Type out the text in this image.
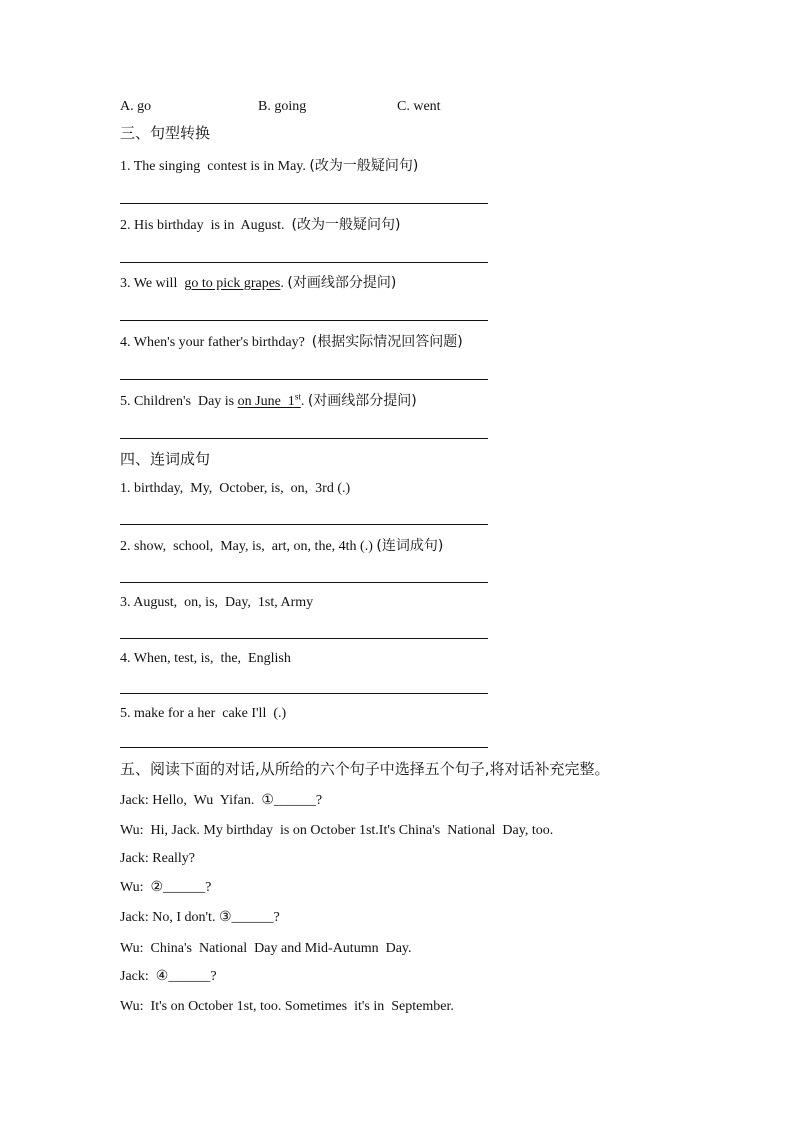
A. go	B. going	C. went
三、句型转换
1. The singing  contest is in May. (改为一般疑问句)
2. His birthday  is in  August.  (改为一般疑问句)
3. We will  go to pick grapes. (对画线部分提问)
4. When's your father's birthday?  (根据实际情况回答问题)
5. Children's  Day is on June  1st. (对画线部分提问)
四、连词成句
1. birthday,  My,  October, is,  on,  3rd (.)
2. show,  school,  May, is,  art, on, the, 4th (.) (连词成句)
3. August,  on, is,  Day,  1st, Army
4. When, test, is,  the,  English
5. make for a her  cake I'll  (.)
五、阅读下面的对话,从所给的六个句子中选择五个句子,将对话补充完整。
Jack: Hello,  Wu  Yifan.  ①______?
Wu:  Hi, Jack. My birthday  is on October 1st.It's China's  National  Day, too.
Jack: Really?
Wu:  ②______?
Jack: No, I don't. ③______?
Wu:  China's  National  Day and Mid-Autumn  Day.
Jack:  ④______?
Wu:  It's on October 1st, too. Sometimes  it's in  September.
